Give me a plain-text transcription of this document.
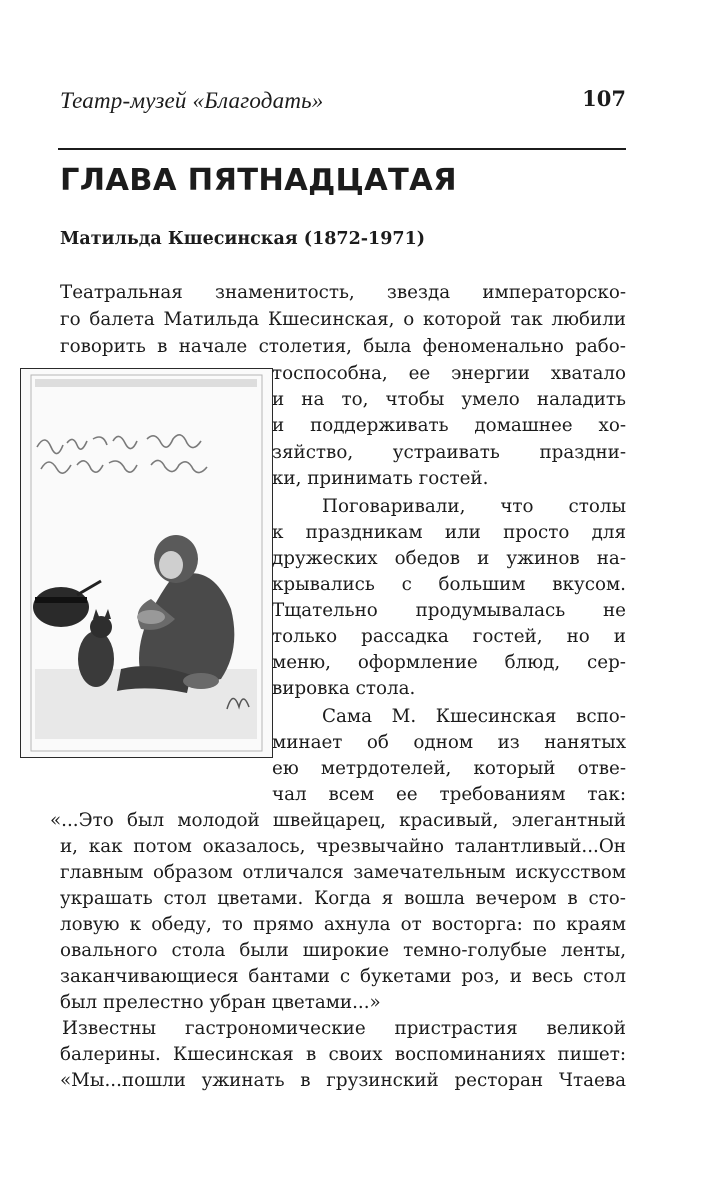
Театр-музей «Благодать»	107
ГЛАВА ПЯТНАДЦАТАЯ
Матильда Кшесинская (1872-1971)
Театральная знаменитость, звезда императорско-
го балета Матильда Кшесинская, о которой так любили
говорить в начале столетия, была феноменально рабо-
тоспособна, ее энергии хватало
и на то, чтобы умело наладить
и поддерживать домашнее хо-
зяйство, устраивать праздни-
ки, принимать гостей.
Поговаривали, что столы
к праздникам или просто для
дружеских обедов и ужинов на-
крывались с большим вкусом.
Тщательно продумывалась не
только рассадка гостей, но и
меню, оформление блюд, сер-
вировка стола.
Сама М. Кшесинская вспо-
минает об одном из нанятых
ею метрдотелей, который отве-
чал всем ее требованиям так:
«...Это был молодой швейцарец, красивый, элегантный
и, как потом оказалось, чрезвычайно талантливый...Он
главным образом отличался замечательным искусством
украшать стол цветами. Когда я вошла вечером в сто-
ловую к обеду, то прямо ахнула от восторга: по краям
овального стола были широкие темно-голубые ленты,
заканчивающиеся бантами с букетами роз, и весь стол
был прелестно убран цветами...»
Известны гастрономические пристрастия великой
балерины. Кшесинская в своих воспоминаниях пишет:
«Мы...пошли ужинать в грузинский ресторан Чтаева
